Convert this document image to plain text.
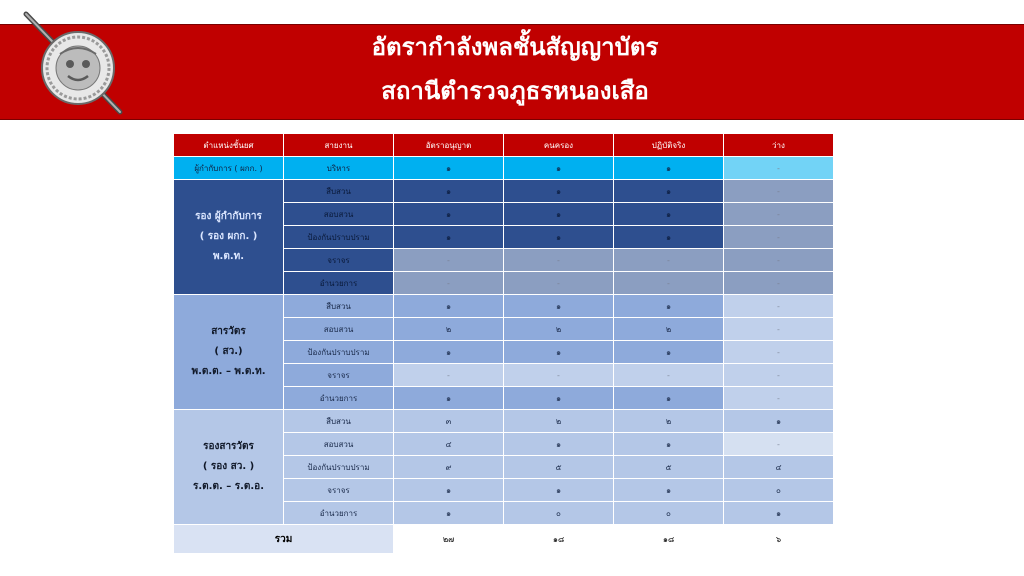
อัตรากำลังพลชั้นสัญญาบัตร
สถานีตำรวจภูธรหนองเสือ
ตำแหน่งชั้นยศ	สายงาน	อัตราอนุญาต	คนครอง	ปฏิบัติจริง	ว่าง
ผู้กำกับการ ( ผกก. )	บริหาร	๑	๑	๑	-

รอง ผู้กำกับการ
( รอง ผกก. )
พ.ต.ท.	สืบสวน	๑	๑	๑	-
	สอบสวน	๑	๑	๑	-
	ป้องกันปราบปราม	๑	๑	๑	-
	จราจร	-	-	-	-
	อำนวยการ	-	-	-	-

สารวัตร
( สว.)
พ.ต.ต. – พ.ต.ท.	สืบสวน	๑	๑	๑	-
	สอบสวน	๒	๒	๒	-
	ป้องกันปราบปราม	๑	๑	๑	-
	จราจร	-	-	-	-
	อำนวยการ	๑	๑	๑	-

รองสารวัตร
( รอง สว. )
ร.ต.ต. – ร.ต.อ.	สืบสวน	๓	๒	๒	๑
	สอบสวน	๔	๑	๑	-
	ป้องกันปราบปราม	๙	๕	๕	๔
	จราจร	๑	๑	๑	๐
	อำนวยการ	๑	๐	๐	๑
รวม		๒๗	๑๘	๑๘	๖
